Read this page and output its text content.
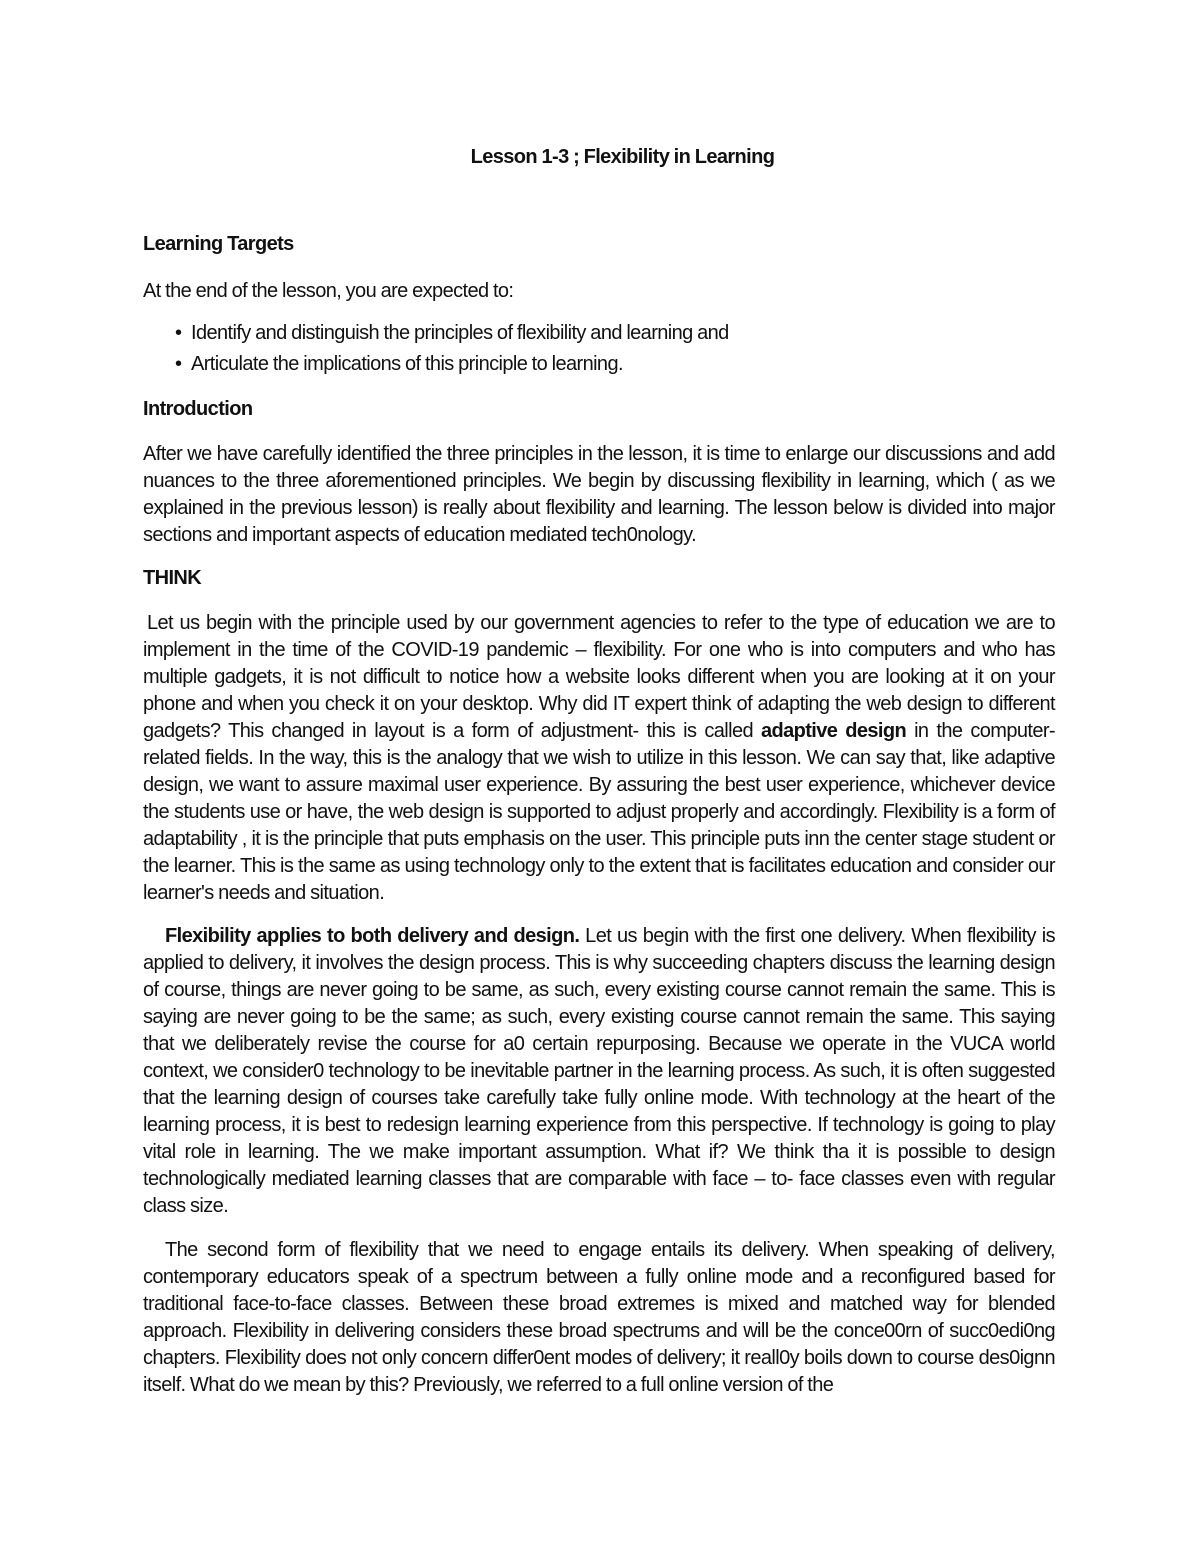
Lesson 1-3 ; Flexibility in Learning

Learning Targets

At the end of the lesson, you are expected to:

• Identify and distinguish the principles of flexibility and learning and
• Articulate the implications of this principle to learning.

Introduction

After we have carefully identified the three principles in the lesson, it is time to enlarge our discussions and add nuances to the three aforementioned principles. We begin by discussing flexibility in learning, which ( as we explained in the previous lesson) is really about flexibility and learning. The lesson below is divided into major sections and important aspects of education mediated tech0nology.

THINK

Let us begin with the principle used by our government agencies to refer to the type of education we are to implement in the time of the COVID-19 pandemic – flexibility. For one who is into computers and who has multiple gadgets, it is not difficult to notice how a website looks different when you are looking at it on your phone and when you check it on your desktop. Why did IT expert think of adapting the web design to different gadgets? This changed in layout is a form of adjustment- this is called adaptive design in the computer- related fields. In the way, this is the analogy that we wish to utilize in this lesson. We can say that, like adaptive design, we want to assure maximal user experience. By assuring the best user experience, whichever device the students use or have, the web design is supported to adjust properly and accordingly. Flexibility is a form of adaptability , it is the principle that puts emphasis on the user. This principle puts inn the center stage student or the learner. This is the same as using technology only to the extent that is facilitates education and consider our learner's needs and situation.

Flexibility applies to both delivery and design. Let us begin with the first one delivery. When flexibility is applied to delivery, it involves the design process. This is why succeeding chapters discuss the learning design of course, things are never going to be same, as such, every existing course cannot remain the same. This is saying are never going to be the same; as such, every existing course cannot remain the same. This saying that we deliberately revise the course for a0 certain repurposing. Because we operate in the VUCA world context, we consider0 technology to be inevitable partner in the learning process. As such, it is often suggested that the learning design of courses take carefully take fully online mode. With technology at the heart of the learning process, it is best to redesign learning experience from this perspective. If technology is going to play vital role in learning. The we make important assumption. What if? We think tha it is possible to design technologically mediated learning classes that are comparable with face – to- face classes even with regular class size.

The second form of flexibility that we need to engage entails its delivery. When speaking of delivery, contemporary educators speak of a spectrum between a fully online mode and a reconfigured based for traditional face-to-face classes. Between these broad extremes is mixed and matched way for blended approach. Flexibility in delivering considers these broad spectrums and will be the conce00rn of succ0edi0ng chapters. Flexibility does not only concern differ0ent modes of delivery; it reall0y boils down to course des0ignn itself. What do we mean by this? Previously, we referred to a full online version of the
